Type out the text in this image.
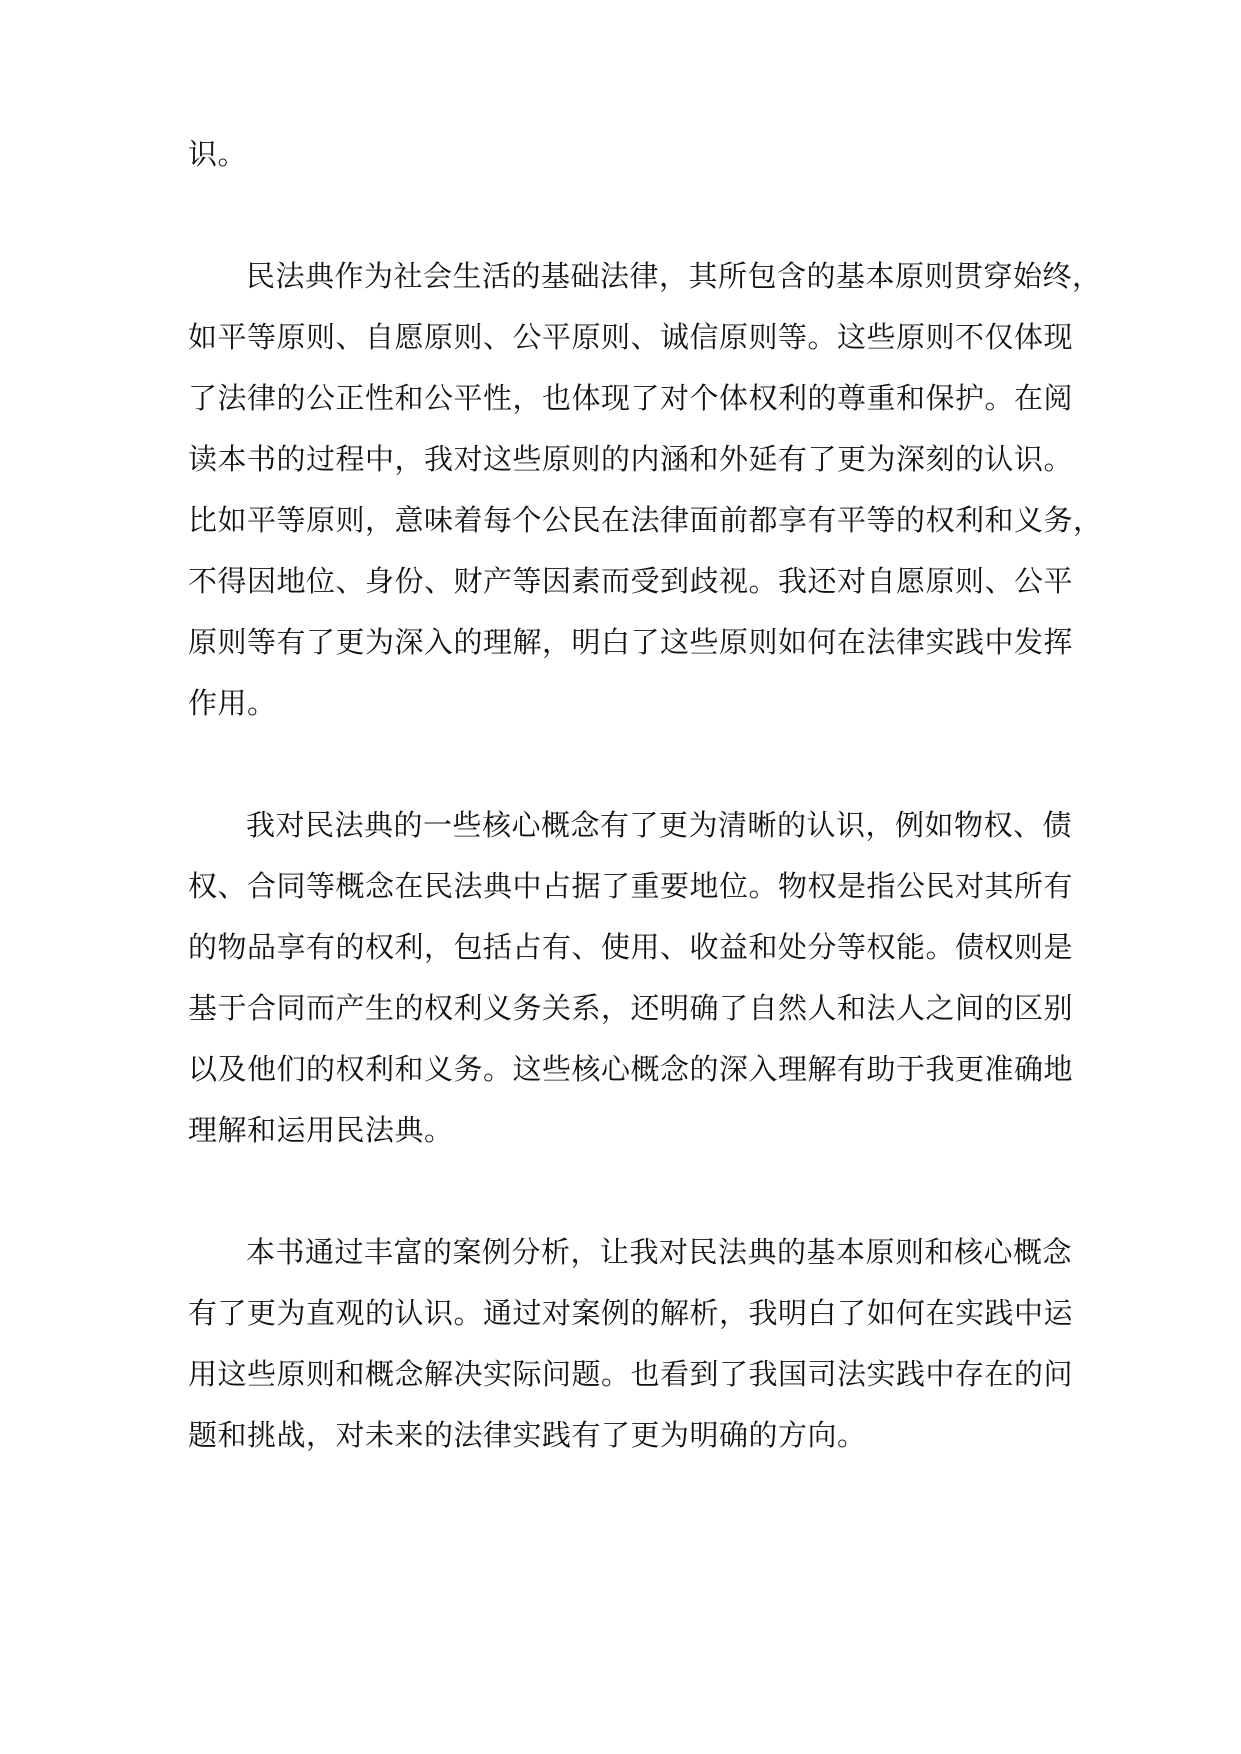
识。
民法典作为社会生活的基础法律，其所包含的基本原则贯穿始终，
如平等原则、自愿原则、公平原则、诚信原则等。这些原则不仅体现
了法律的公正性和公平性，也体现了对个体权利的尊重和保护。在阅
读本书的过程中，我对这些原则的内涵和外延有了更为深刻的认识。
比如平等原则，意味着每个公民在法律面前都享有平等的权利和义务，
不得因地位、身份、财产等因素而受到歧视。我还对自愿原则、公平
原则等有了更为深入的理解，明白了这些原则如何在法律实践中发挥
作用。
我对民法典的一些核心概念有了更为清晰的认识，例如物权、债
权、合同等概念在民法典中占据了重要地位。物权是指公民对其所有
的物品享有的权利，包括占有、使用、收益和处分等权能。债权则是
基于合同而产生的权利义务关系，还明确了自然人和法人之间的区别
以及他们的权利和义务。这些核心概念的深入理解有助于我更准确地
理解和运用民法典。
本书通过丰富的案例分析，让我对民法典的基本原则和核心概念
有了更为直观的认识。通过对案例的解析，我明白了如何在实践中运
用这些原则和概念解决实际问题。也看到了我国司法实践中存在的问
题和挑战，对未来的法律实践有了更为明确的方向。
